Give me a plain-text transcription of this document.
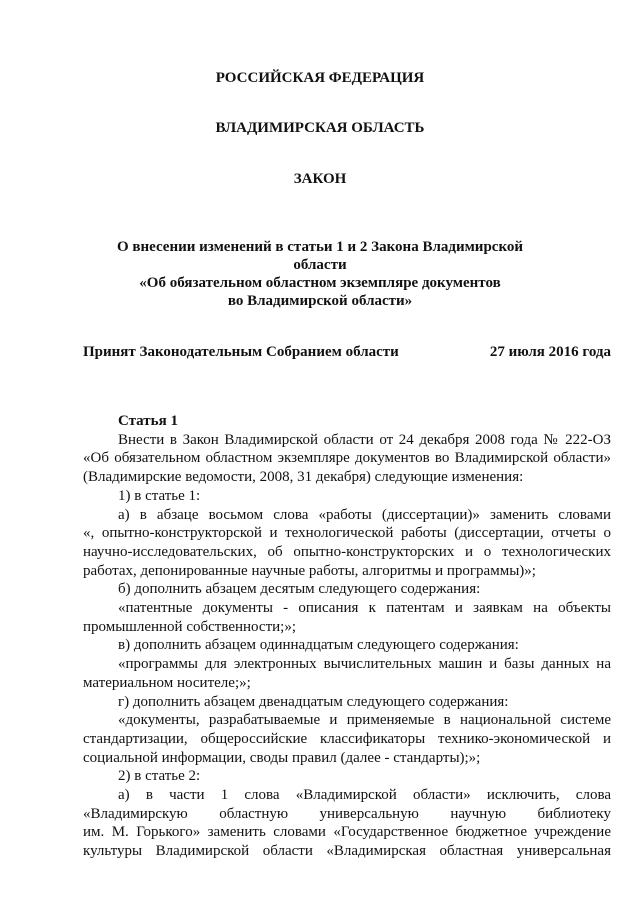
РОССИЙСКАЯ ФЕДЕРАЦИЯ
ВЛАДИМИРСКАЯ ОБЛАСТЬ
ЗАКОН
О внесении изменений в статьи 1 и 2 Закона Владимирской области
«Об обязательном областном экземпляре документов
во Владимирской области»
Принят Законодательным Собранием области	27 июля 2016 года
Статья 1
Внести в Закон Владимирской области от 24 декабря 2008 года № 222-ОЗ
«Об обязательном областном экземпляре документов во Владимирской области»
(Владимирские ведомости, 2008, 31 декабря) следующие изменения:
1) в статье 1:
а) в абзаце восьмом слова «работы (диссертации)» заменить словами
«, опытно-конструкторской и технологической работы (диссертации, отчеты о
научно-исследовательских, об опытно-конструкторских и о технологических
работах, депонированные научные работы, алгоритмы и программы)»;
б) дополнить абзацем десятым следующего содержания:
«патентные документы - описания к патентам и заявкам на объекты
промышленной собственности;»;
в) дополнить абзацем одиннадцатым следующего содержания:
«программы для электронных вычислительных машин и базы данных на
материальном носителе;»;
г) дополнить абзацем двенадцатым следующего содержания:
«документы, разрабатываемые и применяемые в национальной системе
стандартизации, общероссийские классификаторы технико-экономической и
социальной информации, своды правил (далее - стандарты);»;
2) в статье 2:
а) в части 1 слова «Владимирской области» исключить, слова
«Владимирскую областную универсальную научную библиотеку
им. М. Горького» заменить словами «Государственное бюджетное учреждение
культуры Владимирской области «Владимирская областная универсальная
